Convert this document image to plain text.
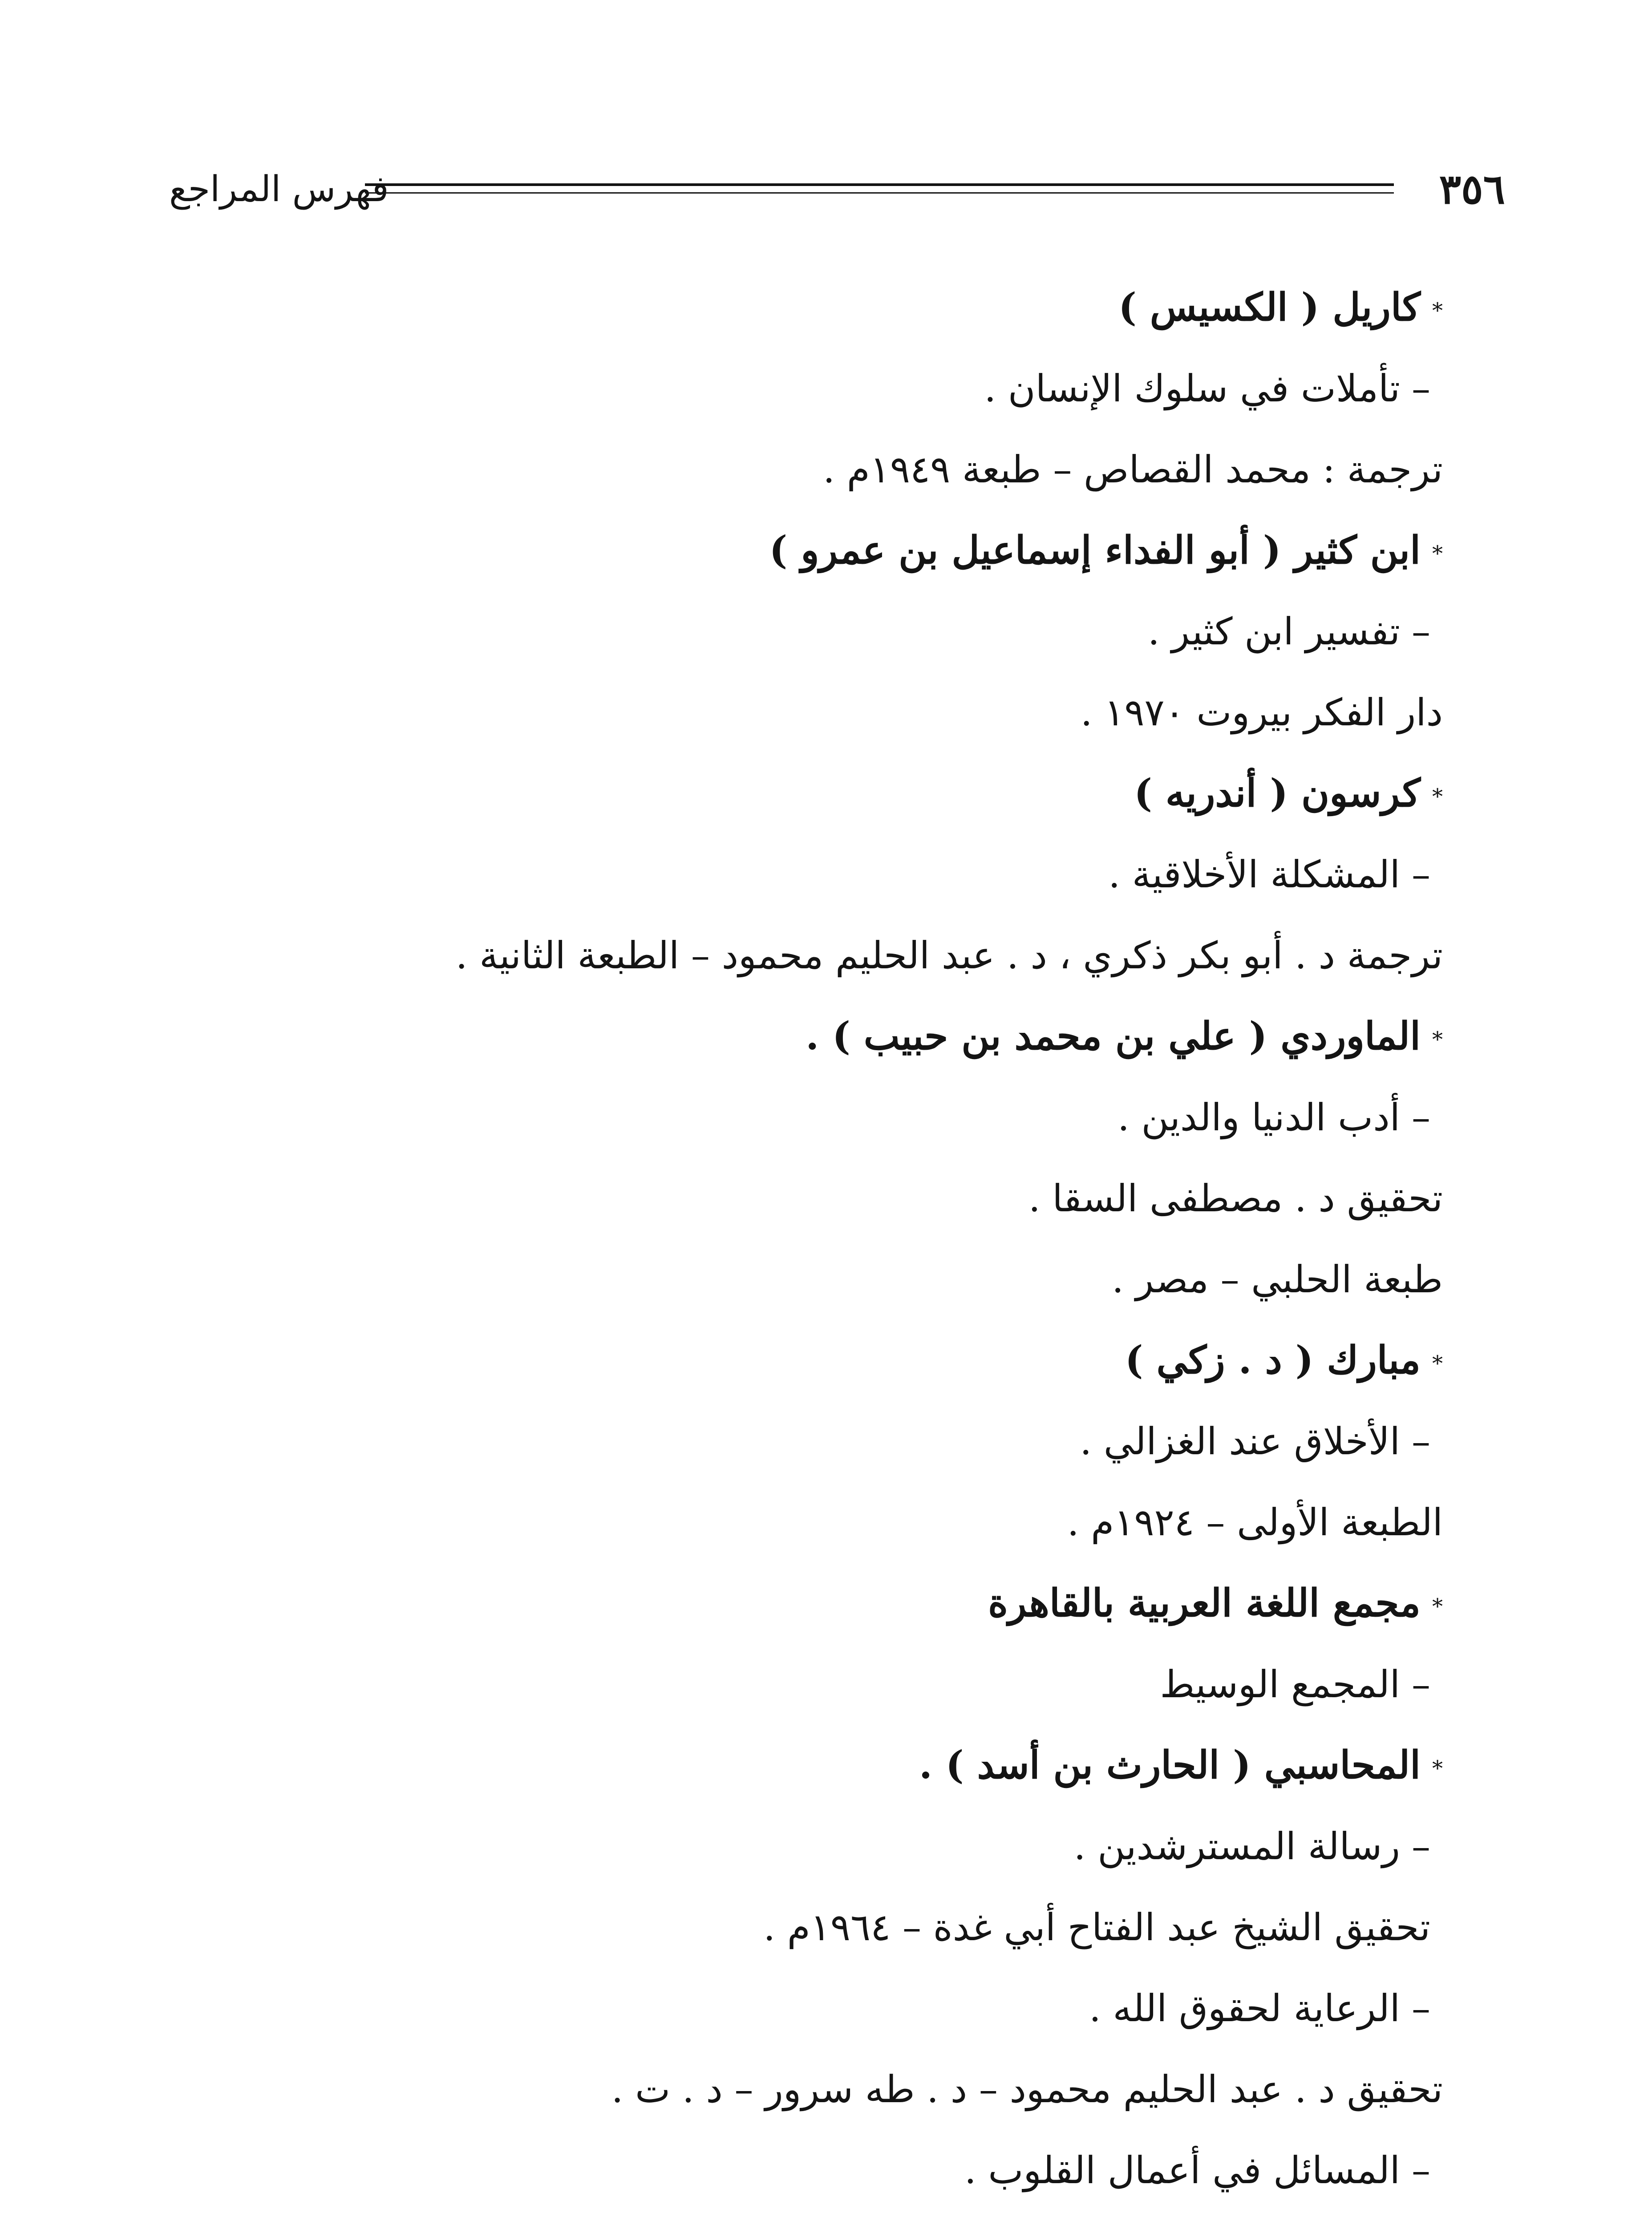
٣٥٦
فهرس المراجع
*كاريل ( الكسيس )
–تأملات في سلوك الإنسان .
ترجمة : محمد القصاص – طبعة ١٩٤٩م .
*ابن كثير ( أبو الفداء إسماعيل بن عمرو )
–تفسير ابن كثير .
دار الفكر بيروت ١٩٧٠ .
*كرسون ( أندريه )
–المشكلة الأخلاقية .
ترجمة د . أبو بكر ذكري ، د . عبد الحليم محمود – الطبعة الثانية .
*الماوردي ( علي بن محمد بن حبيب ) .
–أدب الدنيا والدين .
تحقيق د . مصطفى السقا .
طبعة الحلبي – مصر .
*مبارك ( د . زكي )
–الأخلاق عند الغزالي .
الطبعة الأولى – ١٩٢٤م .
*مجمع اللغة العربية بالقاهرة
–المجمع الوسيط
*المحاسبي ( الحارث بن أسد ) .
–رسالة المسترشدين .
تحقيق الشيخ عبد الفتاح أبي غدة – ١٩٦٤م .
–الرعاية لحقوق الله .
تحقيق د . عبد الحليم محمود – د . طه سرور – د . ت .
–المسائل في أعمال القلوب .
